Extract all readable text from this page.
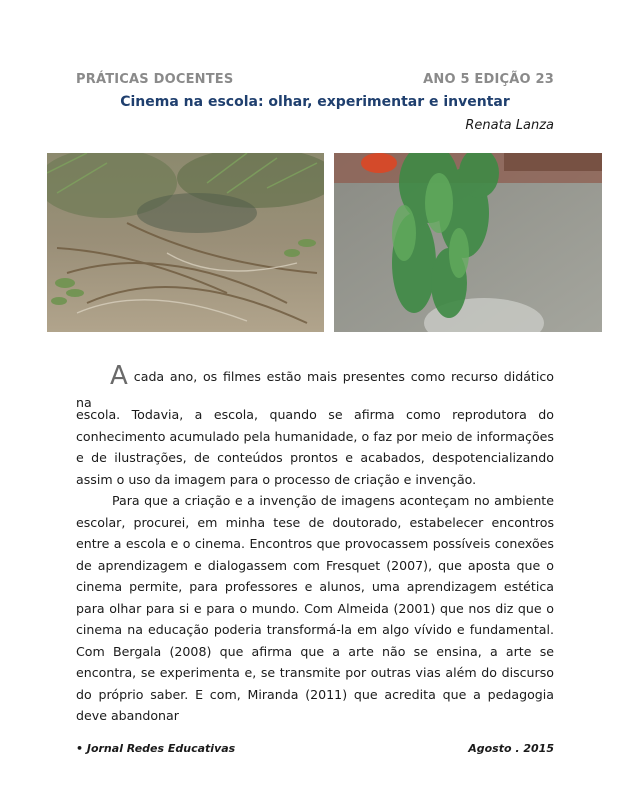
PRÁTICAS DOCENTES	ANO 5 EDIÇÃO 23
Cinema na escola: olhar, experimentar e inventar
Renata Lanza

Acada ano, os filmes estão mais presentes como recurso didático na

escola. Todavia, a escola, quando se afirma como reprodutora do conhecimento acumulado pela humanidade, o faz por meio de informações e de ilustrações, de conteúdos prontos e acabados, despotencializando assim o uso da imagem para o processo de criação e invenção.

Para que a criação e a invenção de imagens aconteçam no ambiente escolar, procurei, em minha tese de doutorado, estabelecer encontros entre a escola e o cinema. Encontros que provocassem possíveis conexões de aprendizagem e dialogassem com Fresquet (2007), que aposta que o cinema permite, para professores e alunos, uma aprendizagem estética para olhar para si e para o mundo. Com Almeida (2001) que nos diz que o cinema na educação poderia transformá-la em algo vívido e fundamental. Com Bergala (2008) que afirma que a arte não se ensina, a arte se encontra, se experimenta e, se transmite por outras vias além do discurso do próprio saber. E com, Miranda (2011) que acredita que a pedagogia deve abandonar

• Jornal Redes Educativas	Agosto . 2015
